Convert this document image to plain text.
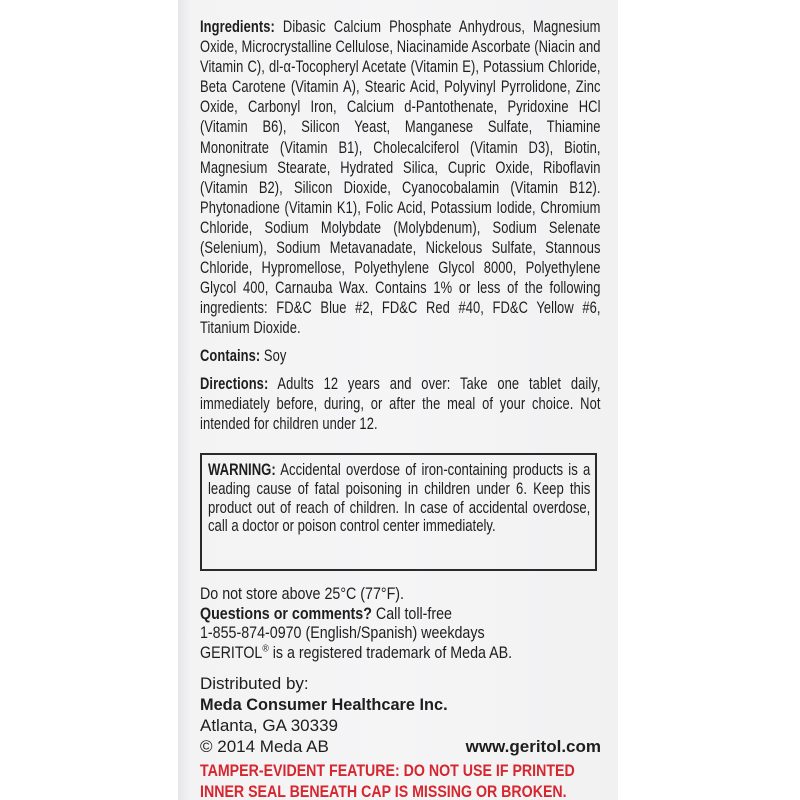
Ingredients: Dibasic Calcium Phosphate Anhydrous, Magnesium Oxide, Microcrystalline Cellulose, Niacinamide Ascorbate (Niacin and Vitamin C), dl-α-Tocopheryl Acetate (Vitamin E), Potassium Chloride, Beta Carotene (Vitamin A), Stearic Acid, Polyvinyl Pyrrolidone, Zinc Oxide, Carbonyl Iron, Calcium d-Pantothenate, Pyridoxine HCl (Vitamin B6), Silicon Yeast, Manganese Sulfate, Thiamine Mononitrate (Vitamin B1), Cholecalciferol (Vitamin D3), Biotin, Magnesium Stearate, Hydrated Silica, Cupric Oxide, Riboflavin (Vitamin B2), Silicon Dioxide, Cyanocobalamin (Vitamin B12). Phytonadione (Vitamin K1), Folic Acid, Potassium Iodide, Chromium Chloride, Sodium Molybdate (Molybdenum), Sodium Selenate (Selenium), Sodium Metavanadate, Nickelous Sulfate, Stannous Chloride, Hypromellose, Polyethylene Glycol 8000, Polyethylene Glycol 400, Carnauba Wax. Contains 1% or less of the following ingredients: FD&C Blue #2, FD&C Red #40, FD&C Yellow #6, Titanium Dioxide.

Contains: Soy

Directions: Adults 12 years and over: Take one tablet daily, immediately before, during, or after the meal of your choice. Not intended for children under 12.

WARNING: Accidental overdose of iron-containing products is a leading cause of fatal poisoning in children under 6. Keep this product out of reach of children. In case of accidental overdose, call a doctor or poison control center immediately.
Do not store above 25°C (77°F).
Questions or comments? Call toll-free
1-855-874-0970 (English/Spanish) weekdays
GERITOL® is a registered trademark of Meda AB.
Distributed by:
Meda Consumer Healthcare Inc.
Atlanta, GA 30339
© 2014 Meda AB	www.geritol.com
TAMPER-EVIDENT FEATURE: DO NOT USE IF PRINTED
INNER SEAL BENEATH CAP IS MISSING OR BROKEN.
